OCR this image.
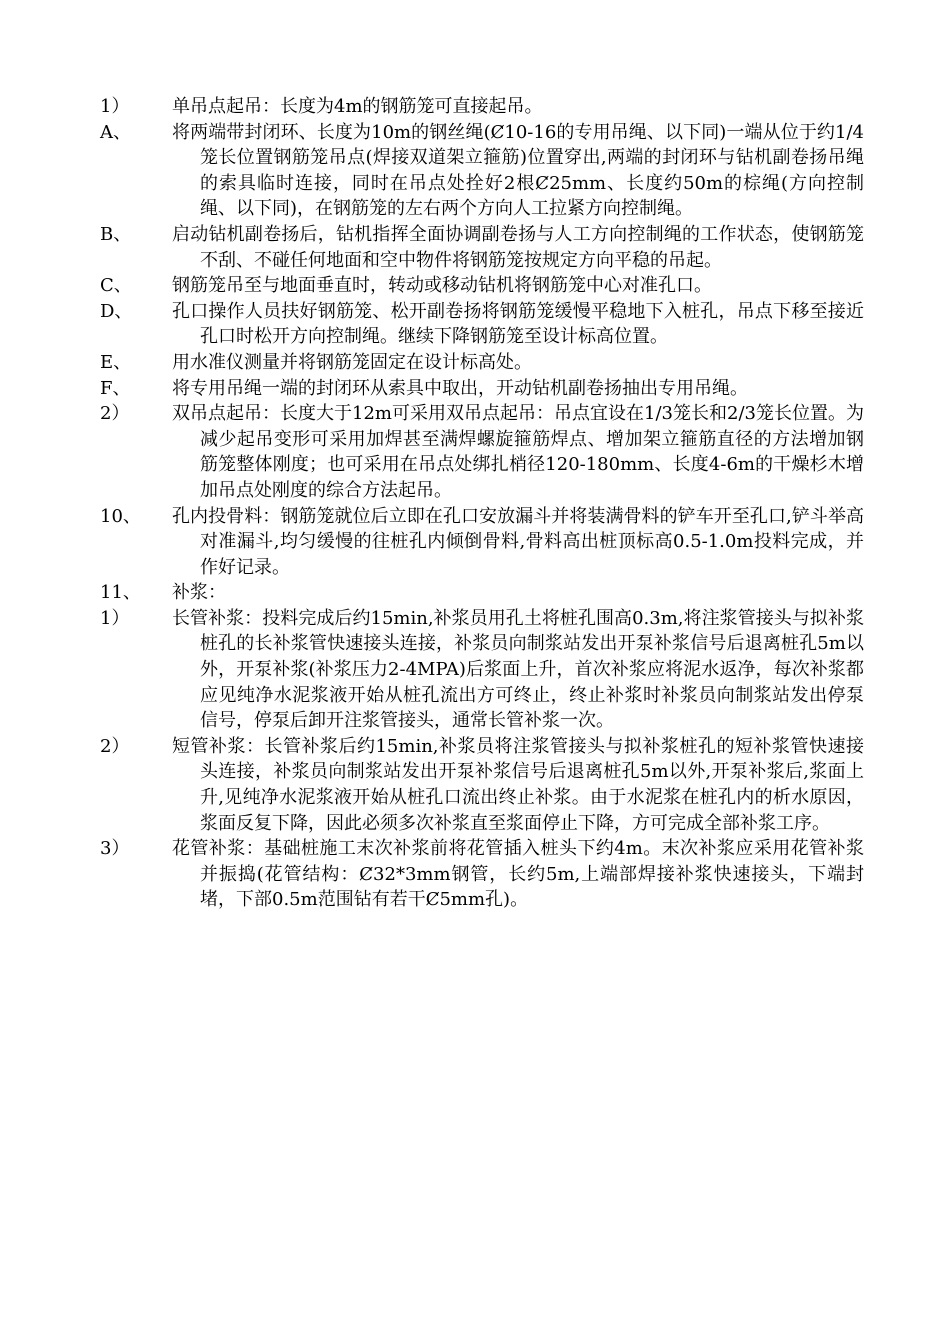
1）	单吊点起吊：长度为4m的钢筋笼可直接起吊。
A、	将两端带封闭环、长度为10m的钢丝绳(Ȼ10-16的专用吊绳、以下同)一端从位于约1/4笼长位置钢筋笼吊点(焊接双道架立箍筋)位置穿出,两端的封闭环与钻机副卷扬吊绳的索具临时连接，同时在吊点处拴好2根Ȼ25mm、长度约50m的棕绳(方向控制绳、以下同)，在钢筋笼的左右两个方向人工拉紧方向控制绳。
B、	启动钻机副卷扬后，钻机指挥全面协调副卷扬与人工方向控制绳的工作状态，使钢筋笼不刮、不碰任何地面和空中物件将钢筋笼按规定方向平稳的吊起。
C、	钢筋笼吊至与地面垂直时，转动或移动钻机将钢筋笼中心对准孔口。
D、	孔口操作人员扶好钢筋笼、松开副卷扬将钢筋笼缓慢平稳地下入桩孔，吊点下移至接近孔口时松开方向控制绳。继续下降钢筋笼至设计标高位置。
E、	用水准仪测量并将钢筋笼固定在设计标高处。
F、	将专用吊绳一端的封闭环从索具中取出，开动钻机副卷扬抽出专用吊绳。
2）	双吊点起吊：长度大于12m可采用双吊点起吊：吊点宜设在1/3笼长和2/3笼长位置。为减少起吊变形可采用加焊甚至满焊螺旋箍筋焊点、增加架立箍筋直径的方法增加钢筋笼整体刚度；也可采用在吊点处绑扎梢径120-180mm、长度4-6m的干燥杉木增加吊点处刚度的综合方法起吊。
10、	孔内投骨料：钢筋笼就位后立即在孔口安放漏斗并将装满骨料的铲车开至孔口,铲斗举高对准漏斗,均匀缓慢的往桩孔内倾倒骨料,骨料高出桩顶标高0.5-1.0m投料完成，并作好记录。
11、	补浆：
1）	长管补浆：投料完成后约15min,补浆员用孔土将桩孔围高0.3m,将注浆管接头与拟补浆桩孔的长补浆管快速接头连接，补浆员向制浆站发出开泵补浆信号后退离桩孔5m以外，开泵补浆(补浆压力2-4MPA)后浆面上升，首次补浆应将泥水返净，每次补浆都应见纯净水泥浆液开始从桩孔流出方可终止，终止补浆时补浆员向制浆站发出停泵信号，停泵后卸开注浆管接头，通常长管补浆一次。
2）	短管补浆：长管补浆后约15min,补浆员将注浆管接头与拟补浆桩孔的短补浆管快速接头连接，补浆员向制浆站发出开泵补浆信号后退离桩孔5m以外,开泵补浆后,浆面上升,见纯净水泥浆液开始从桩孔口流出终止补浆。由于水泥浆在桩孔内的析水原因，浆面反复下降，因此必须多次补浆直至浆面停止下降，方可完成全部补浆工序。
3）	花管补浆：基础桩施工末次补浆前将花管插入桩头下约4m。末次补浆应采用花管补浆并振捣(花管结构：Ȼ32*3mm钢管，长约5m,上端部焊接补浆快速接头，下端封堵，下部0.5m范围钻有若干Ȼ5mm孔)。
